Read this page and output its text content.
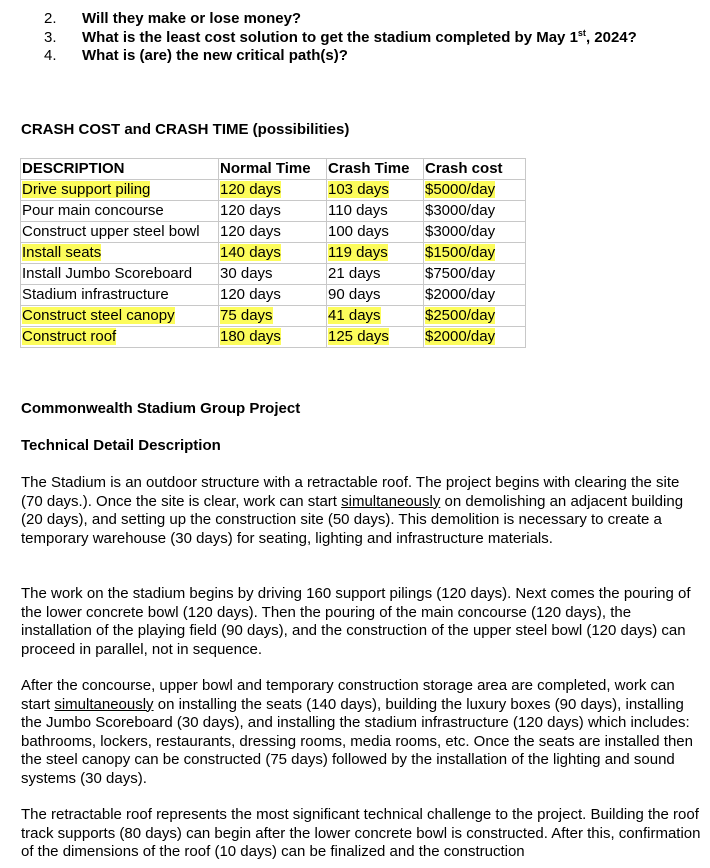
2. Will they make or lose money?
3. What is the least cost solution to get the stadium completed by May 1st, 2024?
4. What is (are) the new critical path(s)?
CRASH COST and CRASH TIME (possibilities)
DESCRIPTION	Normal Time	Crash Time	Crash cost
Drive support piling	120 days	103 days	$5000/day
Pour main concourse	120 days	110 days	$3000/day
Construct upper steel bowl	120 days	100 days	$3000/day
Install seats	140 days	119 days	$1500/day
Install Jumbo Scoreboard	30 days	21 days	$7500/day
Stadium infrastructure	120 days	90 days	$2000/day
Construct steel canopy	75 days	41 days	$2500/day
Construct roof	180 days	125 days	$2000/day
Commonwealth Stadium Group Project
Technical Detail Description

The Stadium is an outdoor structure with a retractable roof. The project begins with clearing the site (70 days.). Once the site is clear, work can start simultaneously on demolishing an adjacent building (20 days), and setting up the construction site (50 days). This demolition is necessary to create a temporary warehouse (30 days) for seating, lighting and infrastructure materials.

The work on the stadium begins by driving 160 support pilings (120 days). Next comes the pouring of the lower concrete bowl (120 days). Then the pouring of the main concourse (120 days), the installation of the playing field (90 days), and the construction of the upper steel bowl (120 days) can proceed in parallel, not in sequence.

After the concourse, upper bowl and temporary construction storage area are completed, work can start simultaneously on installing the seats (140 days), building the luxury boxes (90 days), installing the Jumbo Scoreboard (30 days), and installing the stadium infrastructure (120 days) which includes: bathrooms, lockers, restaurants, dressing rooms, media rooms, etc. Once the seats are installed then the steel canopy can be constructed (75 days) followed by the installation of the lighting and sound systems (30 days).

The retractable roof represents the most significant technical challenge to the project. Building the roof track supports (80 days) can begin after the lower concrete bowl is constructed. After this, confirmation of the dimensions of the roof (10 days) can be finalized and the construction
